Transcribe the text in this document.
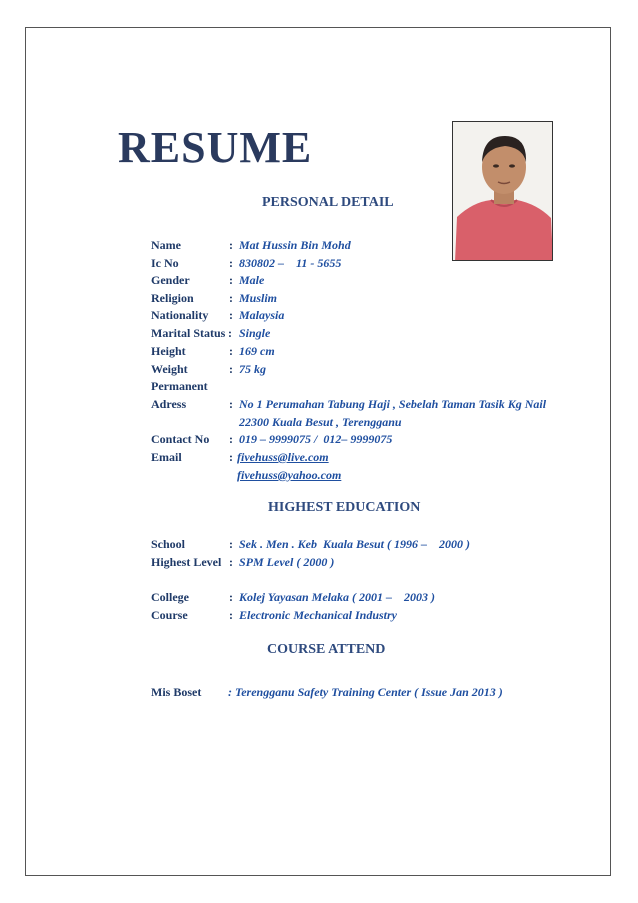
RESUME
PERSONAL DETAIL
Name	: Mat Hussin Bin Mohd
Ic No	: 830802 –    11 - 5655
Gender	: Male
Religion	: Muslim
Nationality : Malaysia
Marital Status : Single
Height	: 169 cm
Weight	: 75 kg
Permanent
Adress	: No 1 Perumahan Tabung Haji , Sebelah Taman Tasik Kg Nail
22300 Kuala Besut , Terengganu
Contact No : 019 – 9999075 /  012– 9999075
Email	: fivehuss@live.com
fivehuss@yahoo.com
HIGHEST EDUCATION
School	: Sek . Men . Keb  Kuala Besut ( 1996 –    2000 )
Highest Level : SPM Level ( 2000 )
College	: Kolej Yayasan Melaka ( 2001 –    2003 )
Course	: Electronic Mechanical Industry
COURSE ATTEND
Mis Boset : Terengganu Safety Training Center ( Issue Jan 2013 )
